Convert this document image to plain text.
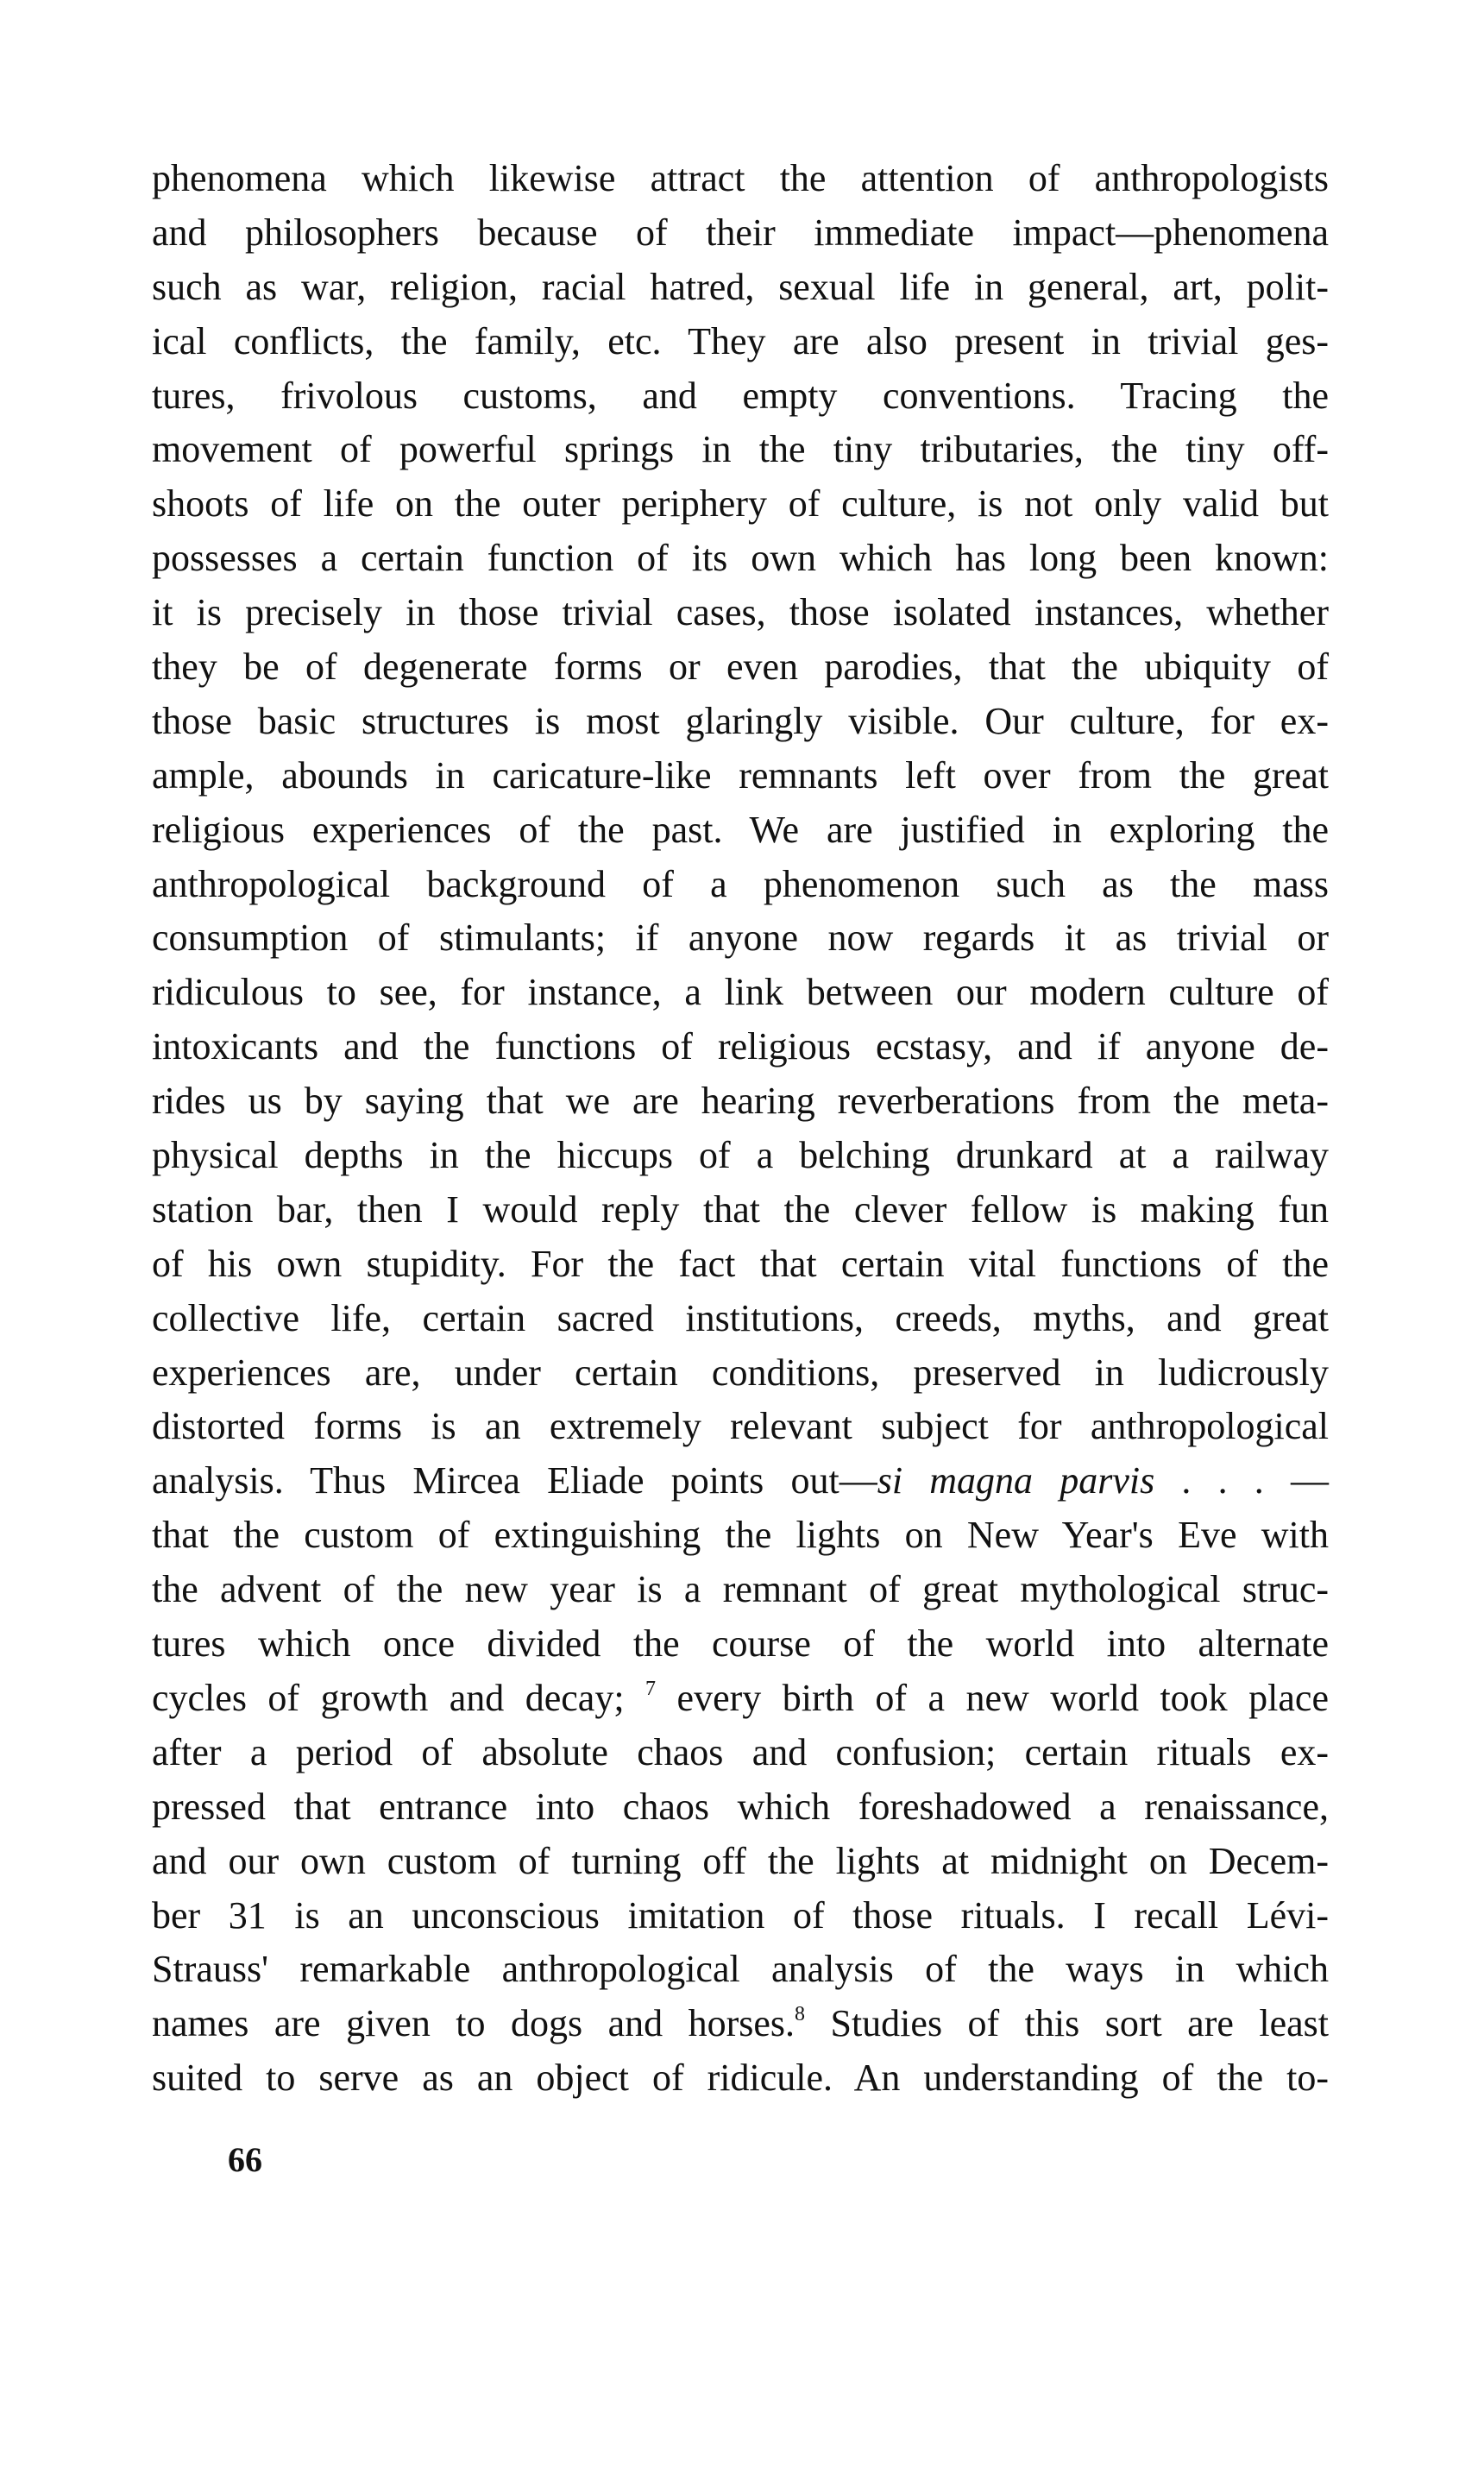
phenomena which likewise attract the attention of anthropologists
and philosophers because of their immediate impact—phenomena
such as war, religion, racial hatred, sexual life in general, art, polit-
ical conflicts, the family, etc. They are also present in trivial ges-
tures, frivolous customs, and empty conventions. Tracing the
movement of powerful springs in the tiny tributaries, the tiny off-
shoots of life on the outer periphery of culture, is not only valid but
possesses a certain function of its own which has long been known:
it is precisely in those trivial cases, those isolated instances, whether
they be of degenerate forms or even parodies, that the ubiquity of
those basic structures is most glaringly visible. Our culture, for ex-
ample, abounds in caricature-like remnants left over from the great
religious experiences of the past. We are justified in exploring the
anthropological background of a phenomenon such as the mass
consumption of stimulants; if anyone now regards it as trivial or
ridiculous to see, for instance, a link between our modern culture of
intoxicants and the functions of religious ecstasy, and if anyone de-
rides us by saying that we are hearing reverberations from the meta-
physical depths in the hiccups of a belching drunkard at a railway
station bar, then I would reply that the clever fellow is making fun
of his own stupidity. For the fact that certain vital functions of the
collective life, certain sacred institutions, creeds, myths, and great
experiences are, under certain conditions, preserved in ludicrously
distorted forms is an extremely relevant subject for anthropological
analysis. Thus Mircea Eliade points out—si magna parvis . . . —
that the custom of extinguishing the lights on New Year's Eve with
the advent of the new year is a remnant of great mythological struc-
tures which once divided the course of the world into alternate
cycles of growth and decay; $^7$ every birth of a new world took place
after a period of absolute chaos and confusion; certain rituals ex-
pressed that entrance into chaos which foreshadowed a renaissance,
and our own custom of turning off the lights at midnight on Decem-
ber 31 is an unconscious imitation of those rituals. I recall Lévi-
Strauss' remarkable anthropological analysis of the ways in which
names are given to dogs and horses.$^8$ Studies of this sort are least
suited to serve as an object of ridicule. An understanding of the to-
66
